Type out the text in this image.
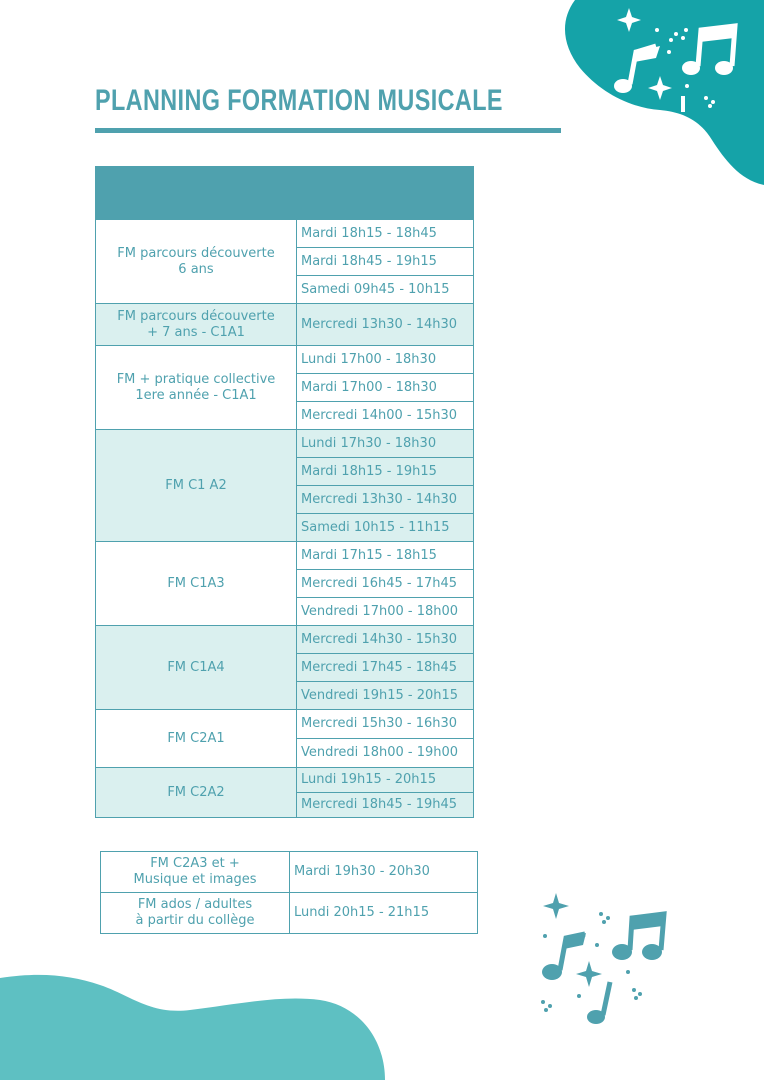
PLANNING FORMATION MUSICALE

FM parcours découverte
6 ans	Mardi 18h15 - 18h45
	Mardi 18h45 - 19h15
	Samedi 09h45 - 10h15

FM parcours découverte
+ 7 ans - C1A1	Mercredi 13h30 - 14h30

FM + pratique collective
1ere année - C1A1	Lundi 17h00 - 18h30
	Mardi 17h00 - 18h30
	Mercredi 14h00 - 15h30

FM C1 A2	Lundi 17h30 - 18h30
	Mardi 18h15 - 19h15
	Mercredi 13h30 - 14h30
	Samedi 10h15 - 11h15

FM C1A3	Mardi 17h15 - 18h15
	Mercredi 16h45 - 17h45
	Vendredi 17h00 - 18h00

FM C1A4	Mercredi 14h30 - 15h30
	Mercredi 17h45 - 18h45
	Vendredi 19h15 - 20h15

FM C2A1	Mercredi 15h30 - 16h30
	Vendredi 18h00 - 19h00

FM C2A2	Lundi 19h15 - 20h15
	Mercredi 18h45 - 19h45
FM C2A3 et +
Musique et images	Mardi 19h30 - 20h30

FM ados / adultes
à partir du collège	Lundi 20h15 - 21h15
